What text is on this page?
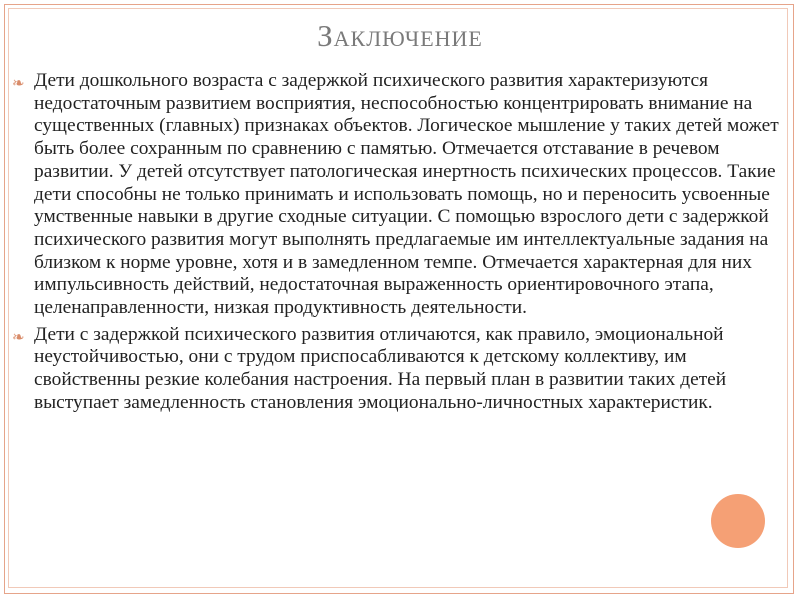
Заключение
❧ Дети дошкольного возраста с задержкой психического развития характеризуются недостаточным развитием восприятия, неспособностью концентрировать внимание на существенных (главных) признаках объектов. Логическое мышление у таких детей может быть более сохранным по сравнению с памятью. Отмечается отставание в речевом развитии. У детей отсутствует патологическая инертность психических процессов. Такие дети способны не только принимать и использовать помощь, но и переносить усвоенные умственные навыки в другие сходные ситуации. С помощью взрослого дети с задержкой психического развития могут выполнять предлагаемые им интеллектуальные задания на близком к норме уровне, хотя и в замедленном темпе. Отмечается характерная для них импульсивность действий, недостаточная выраженность ориентировочного этапа, целенаправленности, низкая продуктивность деятельности.
❧ Дети с задержкой психического развития отличаются, как правило, эмоциональной неустойчивостью, они с трудом приспосабливаются к детскому коллективу, им свойственны резкие колебания настроения. На первый план в развитии таких детей выступает замедленность становления эмоционально-личностных характеристик.
